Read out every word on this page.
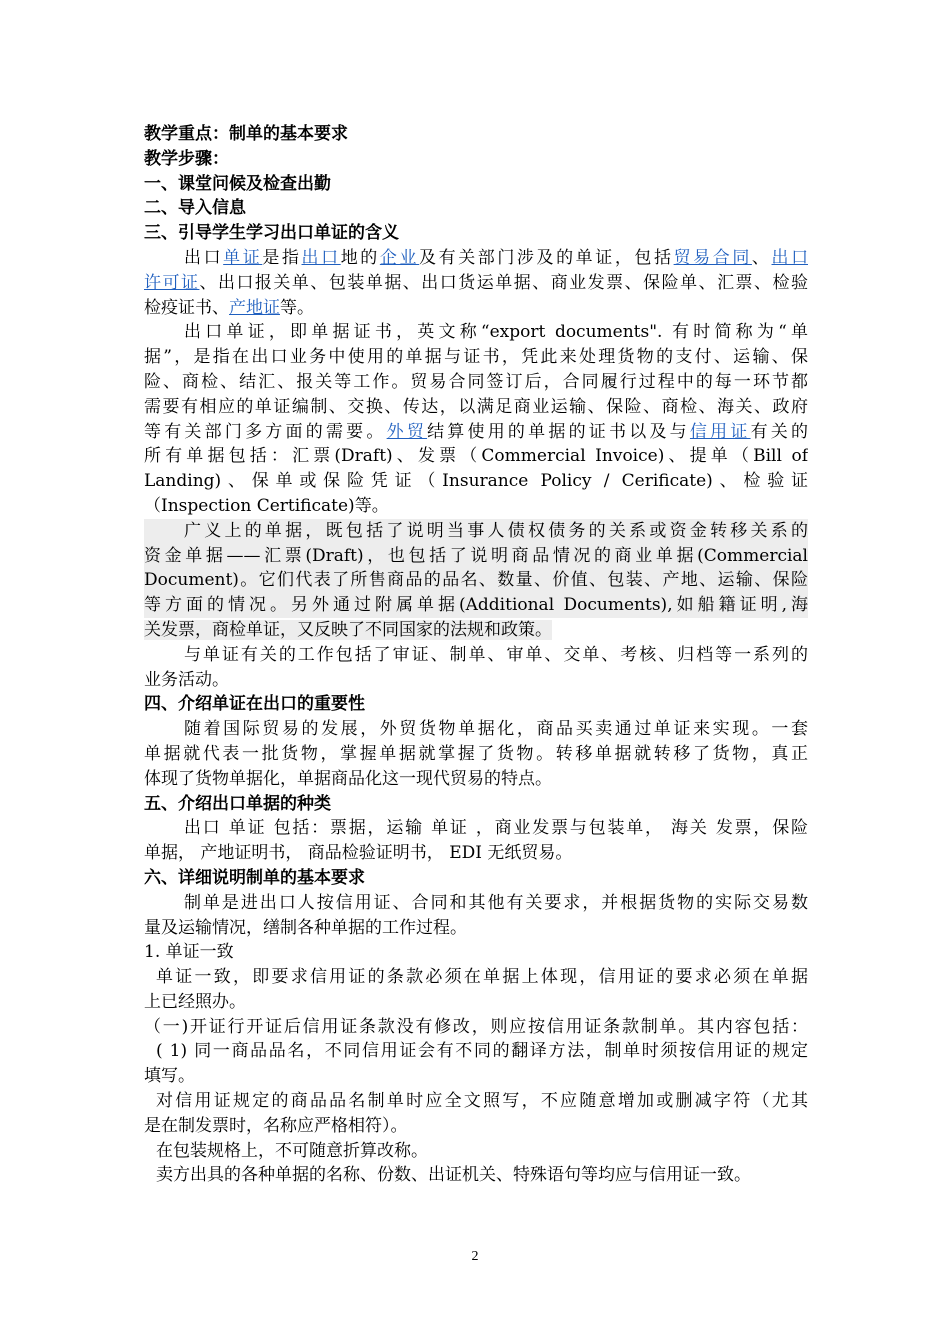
教学重点：制单的基本要求
教学步骤：
一、课堂问候及检查出勤
二、导入信息
三、引导学生学习出口单证的含义
出口单证是指出口地的企业及有关部门涉及的单证，包括贸易合同、出口
许可证、出口报关单、包装单据、出口货运单据、商业发票、保险单、汇票、检验
检疫证书、产地证等。
出口单证，即单据证书，英文称“export documents". 有时简称为“单
据”，是指在出口业务中使用的单据与证书，凭此来处理货物的支付、运输、保
险、商检、结汇、报关等工作。贸易合同签订后，合同履行过程中的每一环节都
需要有相应的单证编制、交换、传达，以满足商业运输、保险、商检、海关、政府
等有关部门多方面的需要。外贸结算使用的单据的证书以及与信用证有关的
所有单据包括：汇票(Draft)、发票（Commercial Invoice)、提单（Bill of
Landing)、保单或保险凭证（Insurance Policy / Cerificate)、检验证
（Inspection Certificate)等。
广义上的单据，既包括了说明当事人债权债务的关系或资金转移关系的
资金单据——汇票(Draft)，也包括了说明商品情况的商业单据(Commercial
Document)。它们代表了所售商品的品名、数量、价值、包装、产地、运输、保险
等方面的情况。另外通过附属单据(Additional Documents),如船籍证明,海
关发票，商检单证，又反映了不同国家的法规和政策。
与单证有关的工作包括了审证、制单、审单、交单、考核、归档等一系列的
业务活动。
四、介绍单证在出口的重要性
随着国际贸易的发展，外贸货物单据化，商品买卖通过单证来实现。一套
单据就代表一批货物，掌握单据就掌握了货物。转移单据就转移了货物，真正
体现了货物单据化，单据商品化这一现代贸易的特点。
五、介绍出口单据的种类
出口 单证 包括：票据，运输 单证 ，商业发票与包装单， 海关 发票，保险
单据， 产地证明书， 商品检验证明书， EDI 无纸贸易。
六、详细说明制单的基本要求
制单是进出口人按信用证、合同和其他有关要求，并根据货物的实际交易数
量及运输情况，缮制各种单据的工作过程。
1. 单证一致
单证一致，即要求信用证的条款必须在单据上体现，信用证的要求必须在单据
上已经照办。
（一)开证行开证后信用证条款没有修改，则应按信用证条款制单。其内容包括：
( 1) 同一商品品名，不同信用证会有不同的翻译方法，制单时须按信用证的规定
填写。
对信用证规定的商品品名制单时应全文照写，不应随意增加或删减字符（尤其
是在制发票时，名称应严格相符）。
在包装规格上，不可随意折算改称。
卖方出具的各种单据的名称、份数、出证机关、特殊语句等均应与信用证一致。
2
